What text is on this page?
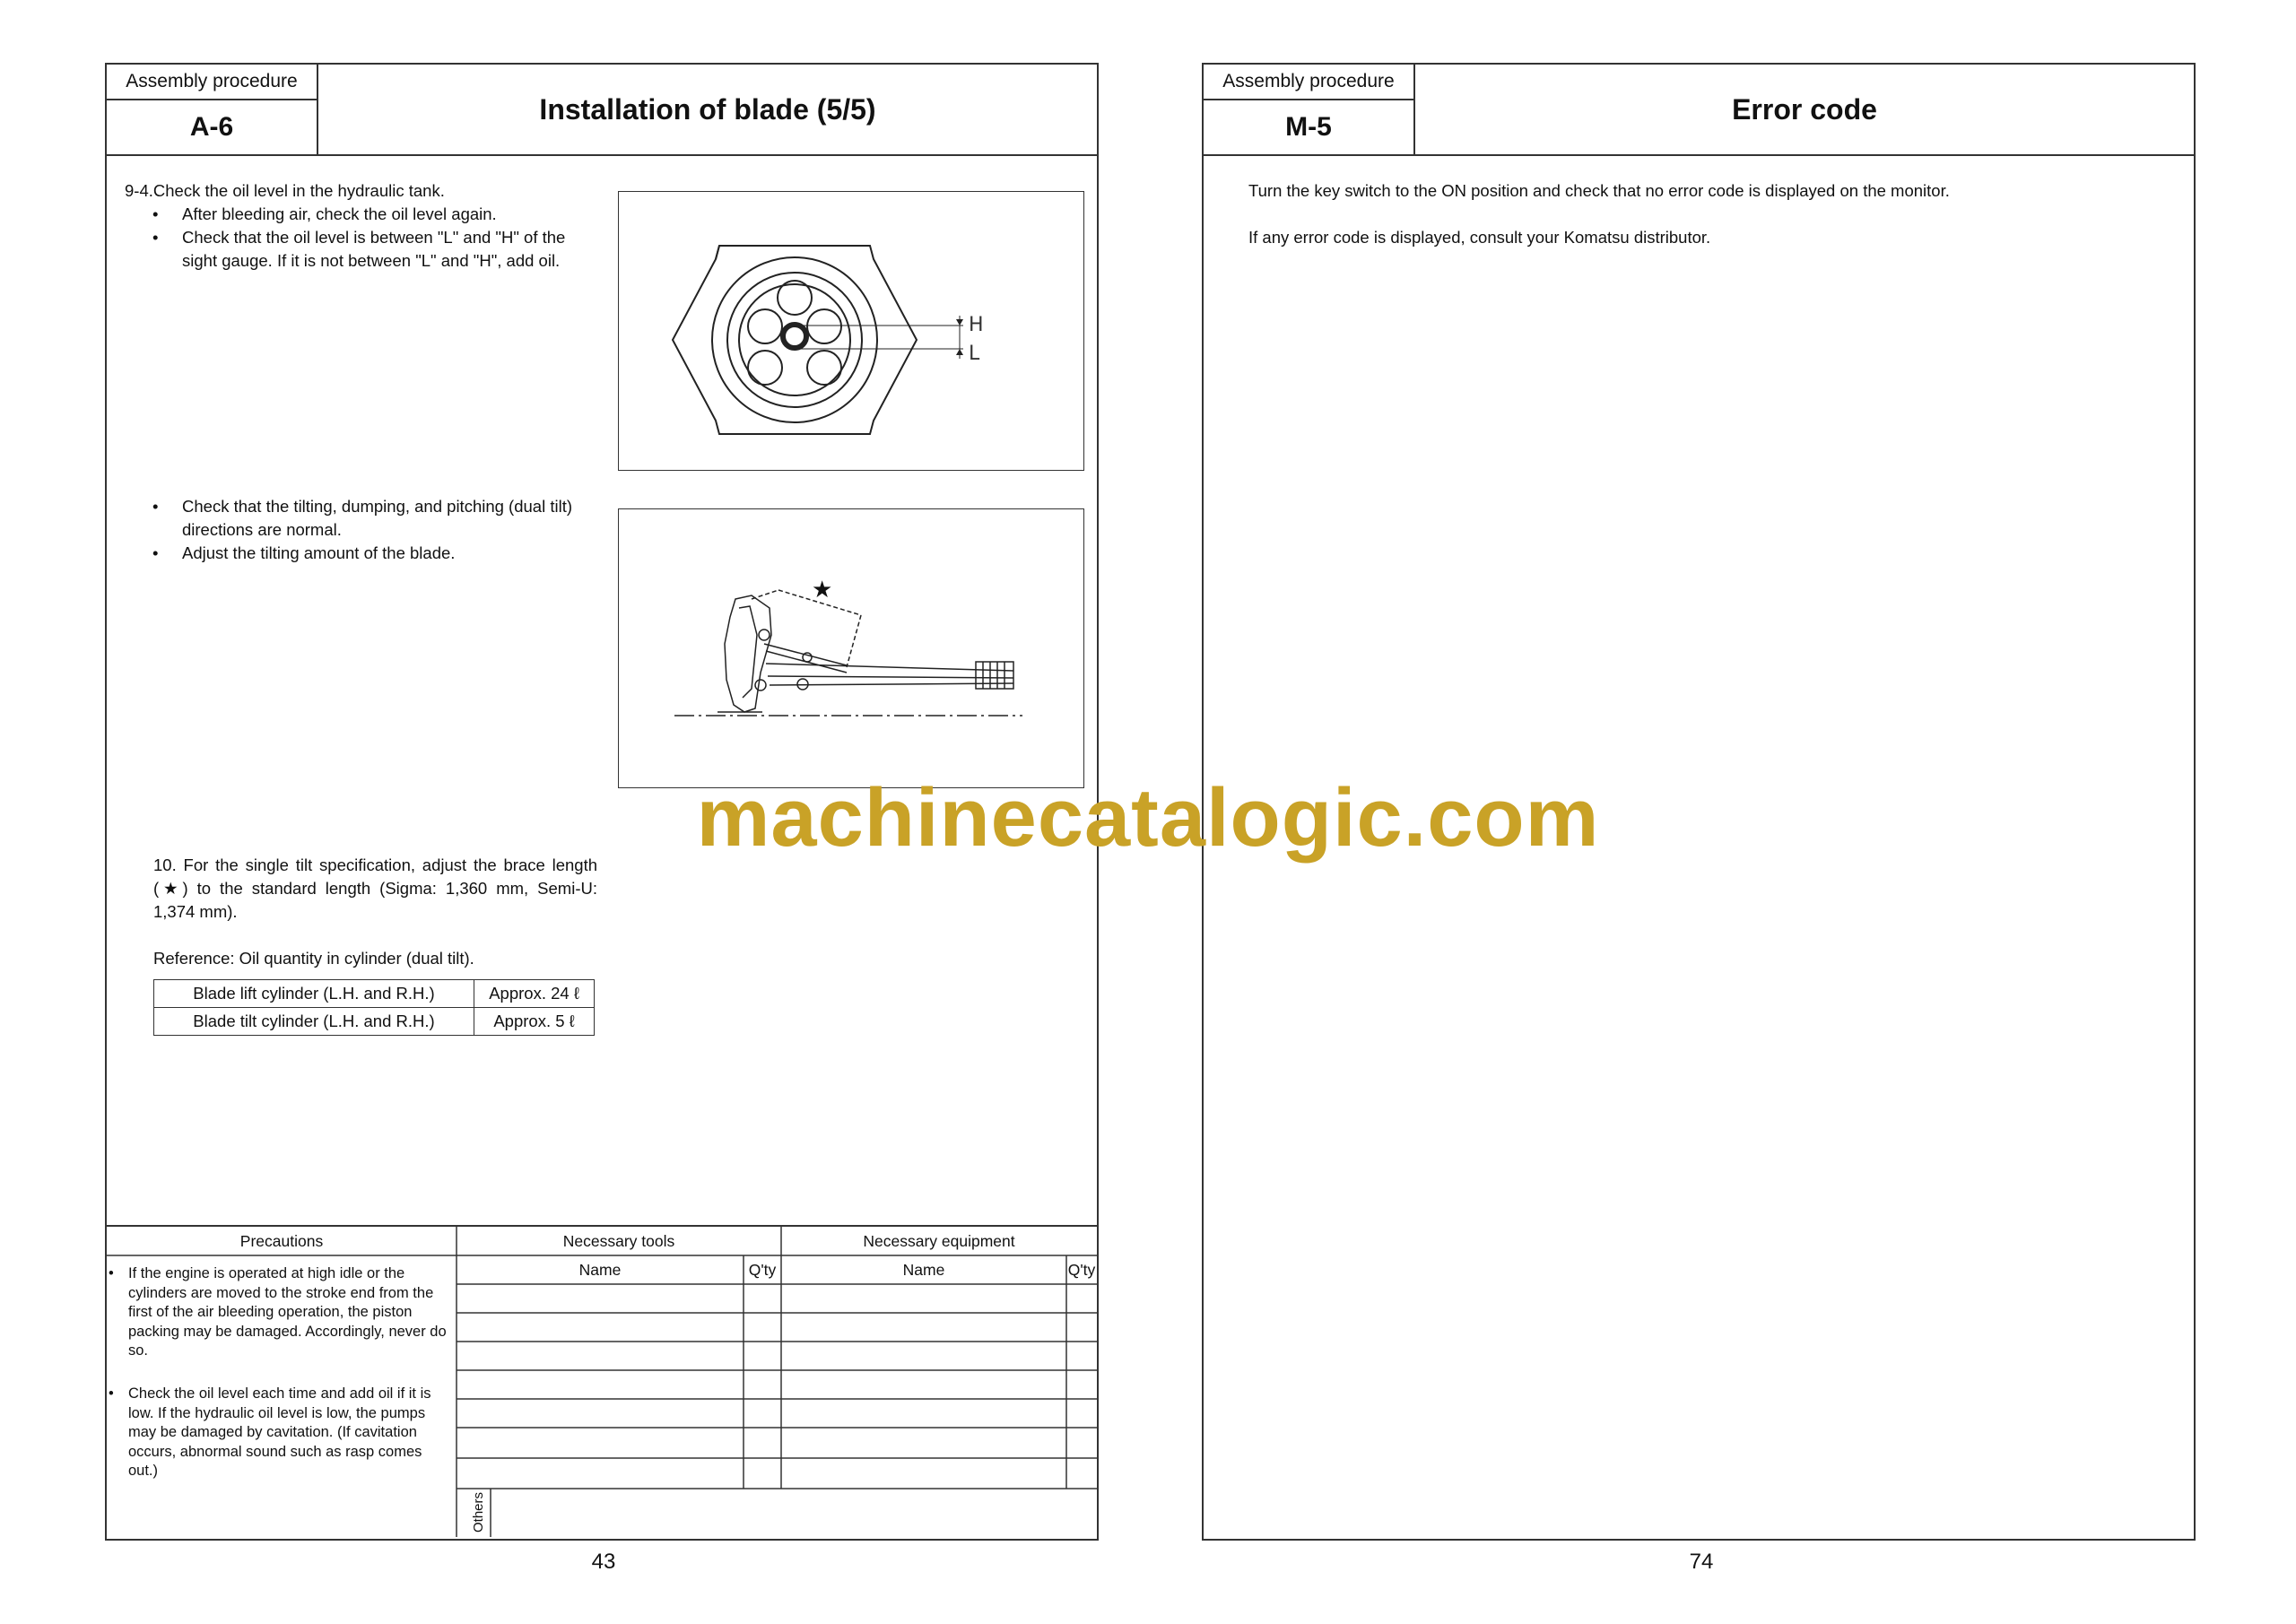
Assembly procedure
A-6
Installation of blade (5/5)
9-4.Check the oil level in the hydraulic tank.
• After bleeding air, check the oil level again.
• Check that the oil level is between "L" and "H" of the sight gauge. If it is not between "L" and "H", add oil.
H
L
• Check that the tilting, dumping, and pitching (dual tilt) directions are normal.
• Adjust the tilting amount of the blade.
★
10. For the single tilt specification, adjust the brace length (★) to the standard length (Sigma: 1,360 mm, Semi-U: 1,374 mm).
Reference: Oil quantity in cylinder (dual tilt).
Blade lift cylinder (L.H. and R.H.)	Approx. 24 ℓ
Blade tilt cylinder (L.H. and R.H.)	Approx. 5 ℓ
Precautions	Necessary tools	Necessary equipment
Name	Q'ty	Name	Q'ty
• If the engine is operated at high idle or the cylinders are moved to the stroke end from the first of the air bleeding operation, the piston packing may be damaged. Accordingly, never do so.
• Check the oil level each time and add oil if it is low. If the hydraulic oil level is low, the pumps may be damaged by cavitation. (If cavitation occurs, abnormal sound such as rasp comes out.)
Others
43
Assembly procedure
M-5
Error code
Turn the key switch to the ON position and check that no error code is displayed on the monitor.
If any error code is displayed, consult your Komatsu distributor.
74
machinecatalogic.com
